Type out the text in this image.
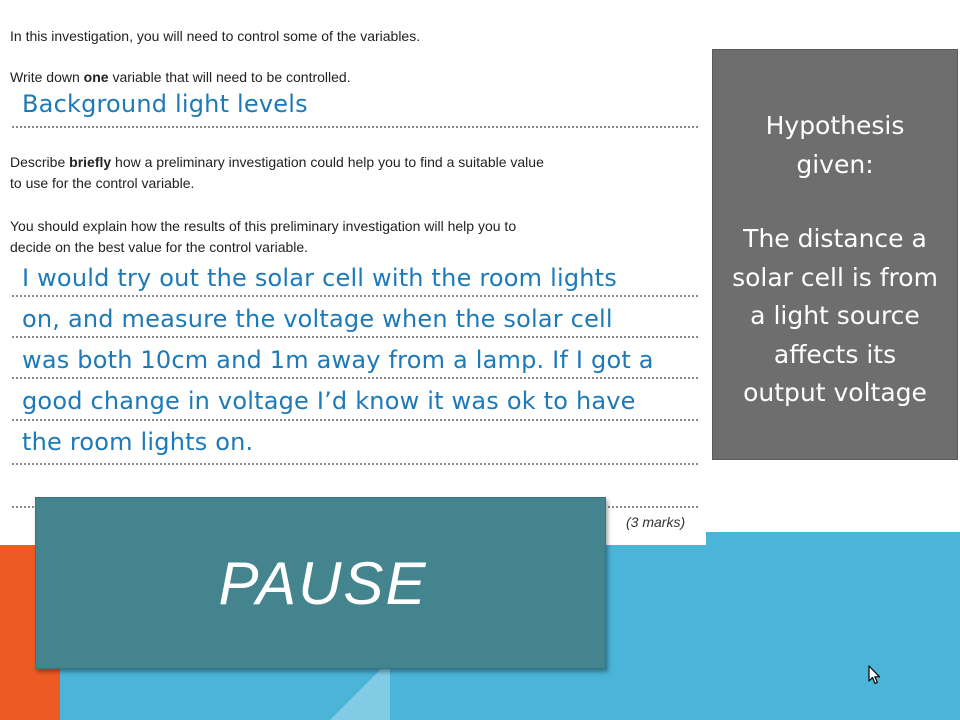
In this investigation, you will need to control some of the variables.
Write down one variable that will need to be controlled.
Background light levels
Describe briefly how a preliminary investigation could help you to find a suitable value
to use for the control variable.
You should explain how the results of this preliminary investigation will help you to
decide on the best value for the control variable.
I would try out the solar cell with the room lights
on, and measure the voltage when the solar cell
was both 10cm and 1m away from a lamp. If I got a
good change in voltage I’d know it was ok to have
the room lights on.
(3 marks)
Hypothesis
given:
The distance a
solar cell is from
a light source
affects its
output voltage
PAUSE
